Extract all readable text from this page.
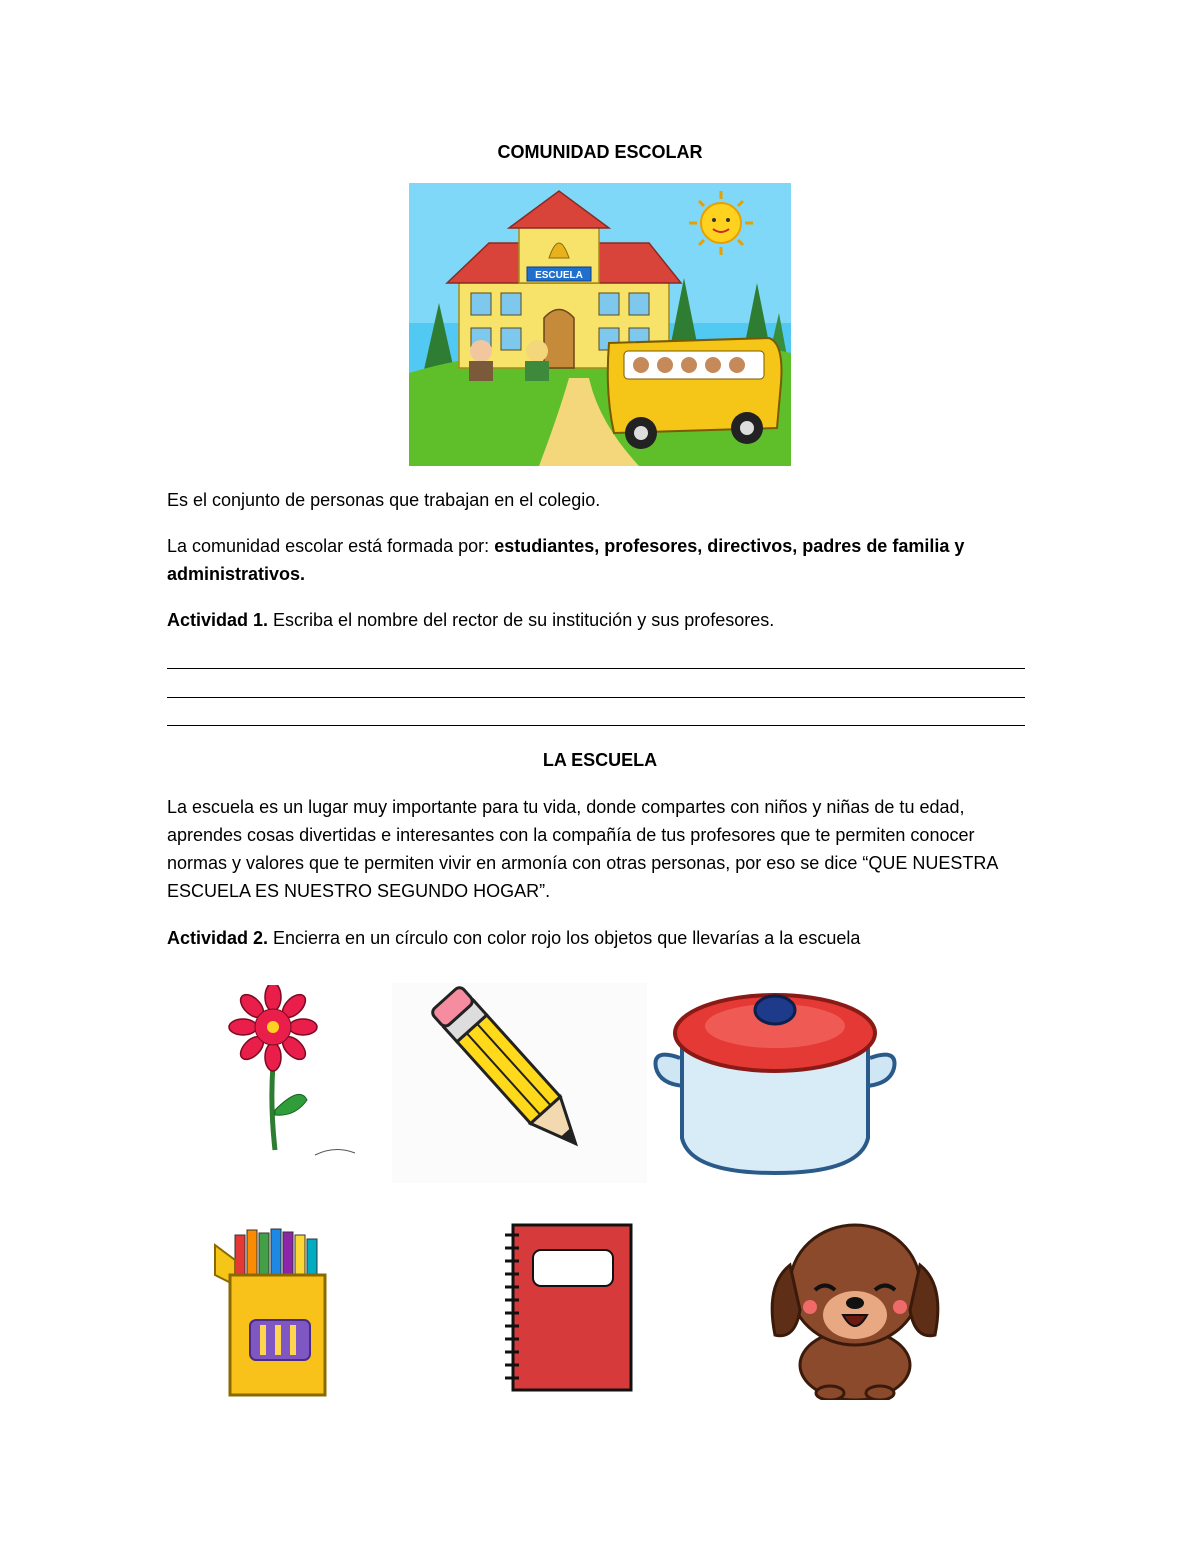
COMUNIDAD ESCOLAR
ESCUELA
Es el conjunto de personas que trabajan en el colegio.
La comunidad escolar está formada por: estudiantes, profesores, directivos, padres de familia y administrativos.
Actividad 1. Escriba el nombre del rector de su institución y sus profesores.
LA ESCUELA
La escuela es un lugar muy importante para tu vida, donde compartes con niños y niñas de tu edad, aprendes cosas divertidas e interesantes con la compañía de tus profesores que te permiten conocer normas y valores que te permiten vivir en armonía con otras personas, por eso se dice “QUE NUESTRA ESCUELA ES NUESTRO SEGUNDO HOGAR”.
Actividad 2. Encierra en un círculo con color rojo los objetos que llevarías a la escuela
